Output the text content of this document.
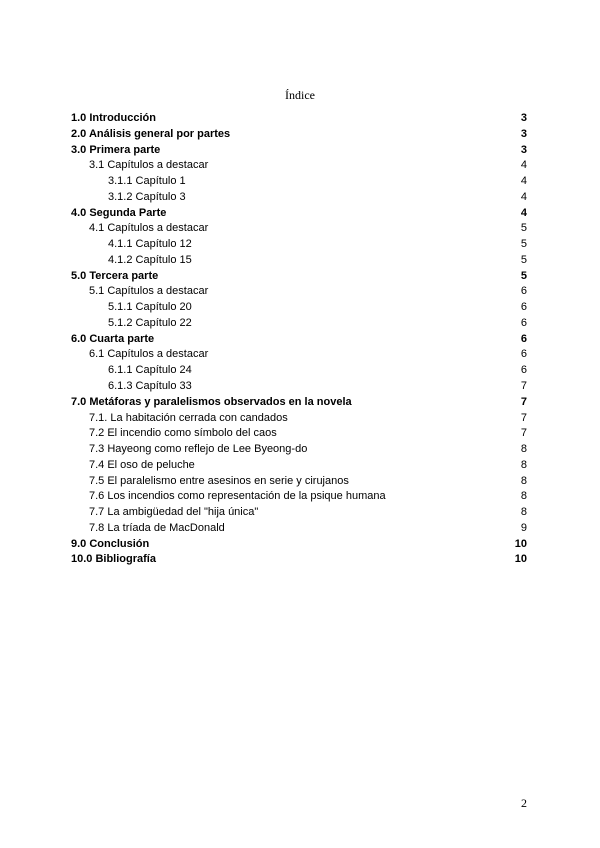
Índice
1.0 Introducción	3
2.0 Análisis general por partes	3
3.0 Primera parte	3
3.1 Capítulos a destacar	4
3.1.1 Capítulo 1	4
3.1.2 Capítulo 3	4
4.0 Segunda Parte	4
4.1 Capítulos a destacar	5
4.1.1 Capítulo 12	5
4.1.2 Capítulo 15	5
5.0 Tercera parte	5
5.1 Capítulos a destacar	6
5.1.1 Capítulo 20	6
5.1.2 Capítulo 22	6
6.0 Cuarta parte	6
6.1 Capítulos a destacar	6
6.1.1 Capítulo 24	6
6.1.3 Capítulo 33	7
7.0 Metáforas y paralelismos observados en la novela	7
7.1. La habitación cerrada con candados	7
7.2 El incendio como símbolo del caos	7
7.3 Hayeong como reflejo de Lee Byeong-do	8
7.4 El oso de peluche	8
7.5 El paralelismo entre asesinos en serie y cirujanos	8
7.6 Los incendios como representación de la psique humana	8
7.7 La ambigüedad del "hija única"	8
7.8 La tríada de MacDonald	9
9.0 Conclusión	10
10.0 Bibliografía	10
2
